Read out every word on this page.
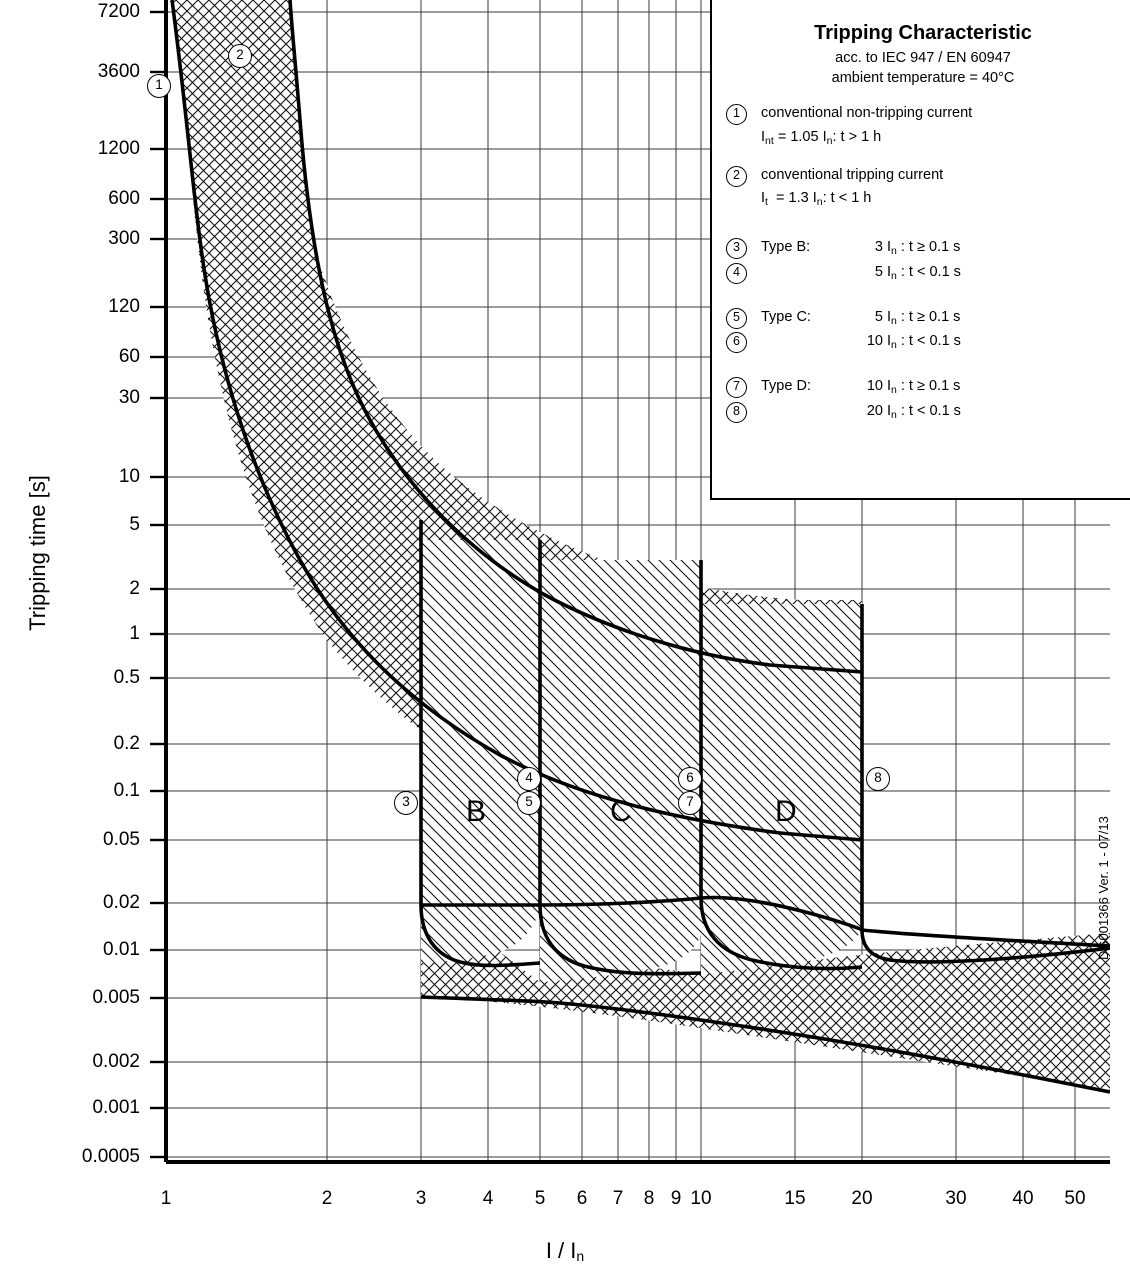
7200
3600
1200
600
300
120
60
30
10
5
2
1
0.5
0.2
0.1
0.05
0.02
0.01
0.005
0.002
0.001
0.0005
1	2	3	4	5	6	7	8 9 10	15	20	30	40	50
Tripping time [s]
I / $I_n$
1
2
3
4
5
6
7
8
B	C	D
Tripping Characteristic
acc. to IEC 947 / EN 60947
ambient temperature = 40°C
1	conventional non-tripping current
$I_{nt} = 1.05$ $I_n$: t > 1 h
2	conventional tripping current
$I_t = 1.3$ $I_n$: t < 1 h
3	Type B:	3 $I_n$ : t ≥ 0.1 s
4	5 $I_n$ : t < 0.1 s
5	Type C:	5 $I_n$ : t ≥ 0.1 s
6	10 $I_n$ : t < 0.1 s
7	Type D:	10 $I_n$ : t ≥ 0.1 s
8	20 $I_n$ : t < 0.1 s
DG001366 Ver. 1 - 07/13
